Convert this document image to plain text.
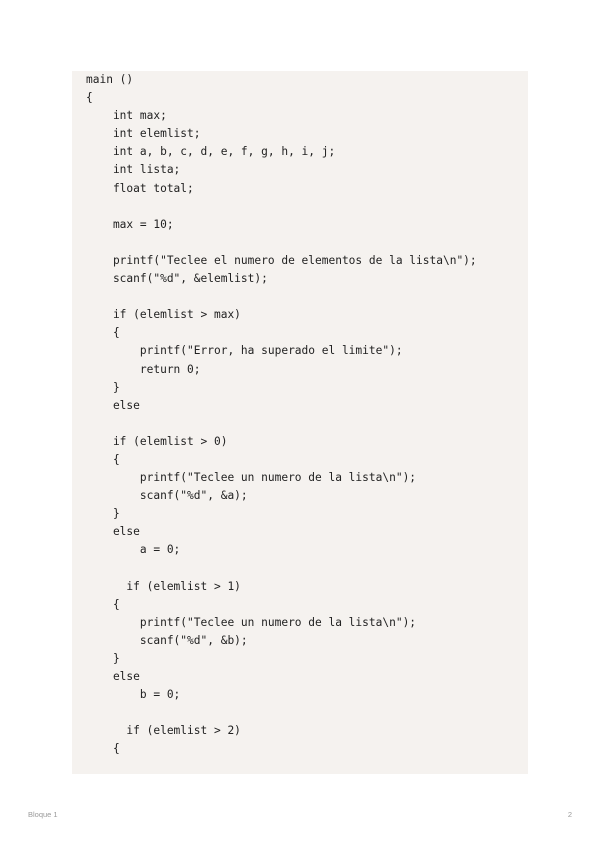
main ()
{
int max;
int elemlist;
int a, b, c, d, e, f, g, h, i, j;
int lista;
float total;
max = 10;
printf("Teclee el numero de elementos de la lista\n");
scanf("%d", &elemlist);
if (elemlist > max)
{
printf("Error, ha superado el limite");
return 0;
}
else
if (elemlist > 0)
{
printf("Teclee un numero de la lista\n");
scanf("%d", &a);
}
else
a = 0;
if (elemlist > 1)
{
printf("Teclee un numero de la lista\n");
scanf("%d", &b);
}
else
b = 0;
if (elemlist > 2)
{
Bloque 1	2
